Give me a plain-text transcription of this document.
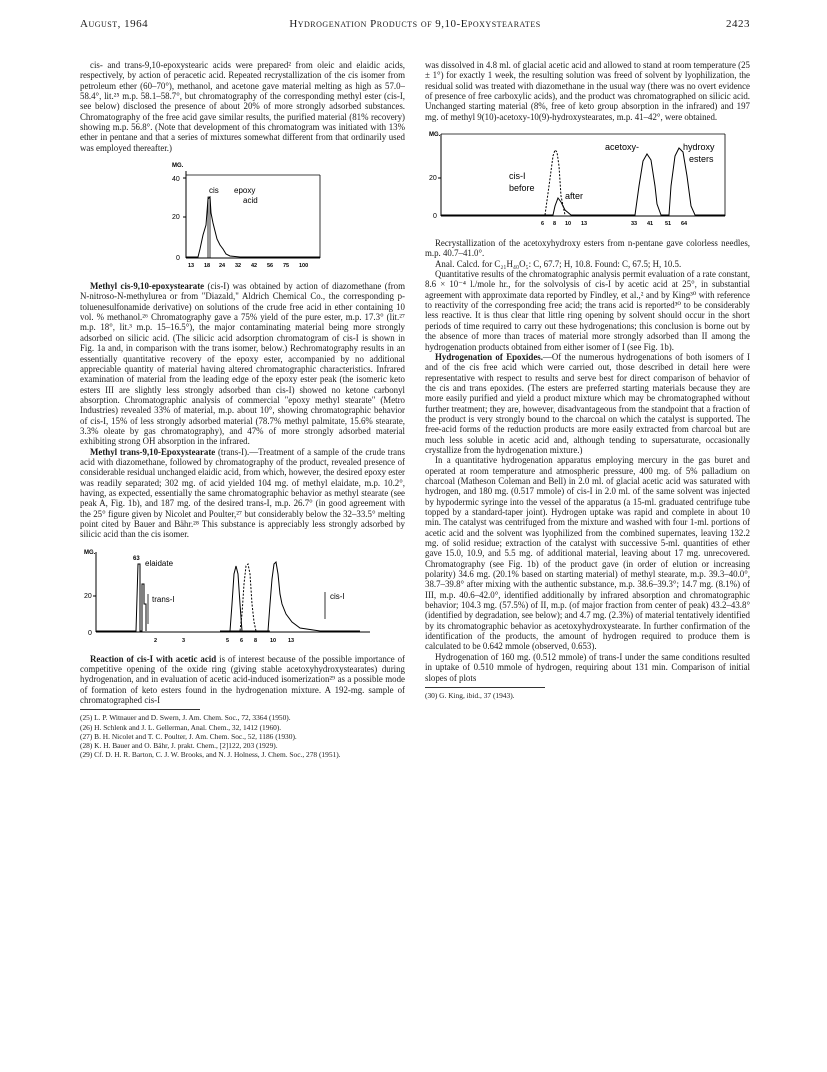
August, 1964	Hydrogenation Products of 9,10-Epoxystearates	2423

cis- and trans-9,10-epoxystearic acids were prepared² from oleic and elaidic acids, respectively, by action of peracetic acid. Repeated recrystallization of the cis isomer from petroleum ether (60–70°), methanol, and acetone gave material melting as high as 57.0–58.4°, lit.²⁵ m.p. 58.1–58.7°, but chromatography of the corresponding methyl ester (cis-I, see below) disclosed the presence of about 20% of more strongly adsorbed substances. Chromatography of the free acid gave similar results, the purified material (81% recovery) showing m.p. 56.8°. (Note that development of this chromatogram was initiated with 13% ether in pentane and that a series of mixtures somewhat different from that ordinarily used was employed thereafter.)

MG.
40
20
0
cis epoxy
acid
13 18 24 32 42 56 75 100

Methyl cis-9,10-epoxystearate (cis-I) was obtained by action of diazomethane (from N-nitroso-N-methylurea or from "Diazald," Aldrich Chemical Co., the corresponding p-toluenesulfonamide derivative) on solutions of the crude free acid in ether containing 10 vol. % methanol.²⁶ Chromatography gave a 75% yield of the pure ester, m.p. 17.3° (lit.²⁷ m.p. 18°, lit.³ m.p. 15–16.5°), the major contaminating material being more strongly adsorbed on silicic acid. (The silicic acid adsorption chromatogram of cis-I is shown in Fig. 1a and, in comparison with the trans isomer, below.) Rechromatography results in an essentially quantitative recovery of the epoxy ester, accompanied by no additional appreciable quantity of material having altered chromatographic characteristics. Infrared examination of material from the leading edge of the epoxy ester peak (the isomeric keto esters III are slightly less strongly adsorbed than cis-I) showed no ketone carbonyl absorption. Chromatographic analysis of commercial "epoxy methyl stearate" (Metro Industries) revealed 33% of material, m.p. about 10°, showing chromatographic behavior of cis-I, 15% of less strongly adsorbed material (78.7% methyl palmitate, 15.6% stearate, 3.3% oleate by gas chromatography), and 47% of more strongly adsorbed material exhibiting strong OH absorption in the infrared.

Methyl trans-9,10-Epoxystearate (trans-I).—Treatment of a sample of the crude trans acid with diazomethane, followed by chromatography of the product, revealed presence of considerable residual unchanged elaidic acid, from which, however, the desired epoxy ester was readily separated; 302 mg. of acid yielded 104 mg. of methyl elaidate, m.p. 10.2°, having, as expected, essentially the same chromatographic behavior as methyl stearate (see peak A, Fig. 1b), and 187 mg. of the desired trans-I, m.p. 26.7° (in good agreement with the 25° figure given by Nicolet and Poulter,²⁷ but considerably below the 32–33.5° melting point cited by Bauer and Bähr.²⁸ This substance is appreciably less strongly adsorbed by silicic acid than the cis isomer.

MG.
20
0
63 elaidate
trans-I	cis-I
2	3	5 6 8 10 13

Reaction of cis-I with acetic acid is of interest because of the possible importance of competitive opening of the oxide ring (giving stable acetoxyhydroxystearates) during hydrogenation, and in evaluation of acetic acid-induced isomerization²⁹ as a possible mode of formation of keto esters found in the hydrogenation mixture. A 192-mg. sample of chromatographed cis-I

(25) L. P. Witnauer and D. Swern, J. Am. Chem. Soc., 72, 3364 (1950).

(26) H. Schlenk and J. L. Gellerman, Anal. Chem., 32, 1412 (1960).

(27) B. H. Nicolet and T. C. Poulter, J. Am. Chem. Soc., 52, 1186 (1930).

(28) K. H. Bauer and O. Bähr, J. prakt. Chem., [2]122, 203 (1929).

(29) Cf. D. H. R. Barton, C. J. W. Brooks, and N. J. Holness, J. Chem. Soc., 278 (1951).

was dissolved in 4.8 ml. of glacial acetic acid and allowed to stand at room temperature (25 ± 1°) for exactly 1 week, the resulting solution was freed of solvent by lyophilization, the residual solid was treated with diazomethane in the usual way (there was no overt evidence of presence of free carboxylic acids), and the product was chromatographed on silicic acid. Unchanged starting material (8%, free of keto group absorption in the infrared) and 197 mg. of methyl 9(10)-acetoxy-10(9)-hydroxystearates, m.p. 41–42°, were obtained.

MG.
20
0
acetoxy-	hydroxy
esters
cis-I
before
after
6 8 10 13	33 41 51 64

Recrystallization of the acetoxyhydroxy esters from n-pentane gave colorless needles, m.p. 40.7–41.0°.

Anal. Calcd. for C₂₁H₄₀O₅: C, 67.7; H, 10.8. Found: C, 67.5; H, 10.5.

Quantitative results of the chromatographic analysis permit evaluation of a rate constant, 8.6 × 10⁻⁴ l./mole hr., for the solvolysis of cis-I by acetic acid at 25°, in substantial agreement with approximate data reported by Findley, et al.,² and by King³⁰ with reference to reactivity of the corresponding free acid; the trans acid is reported³⁰ to be considerably less reactive. It is thus clear that little ring opening by solvent should occur in the short periods of time required to carry out these hydrogenations; this conclusion is borne out by the absence of more than traces of material more strongly adsorbed than II among the hydrogenation products obtained from either isomer of I (see Fig. 1b).

Hydrogenation of Epoxides.—Of the numerous hydrogenations of both isomers of I and of the cis free acid which were carried out, those described in detail here were representative with respect to results and serve best for direct comparison of behavior of the cis and trans epoxides. (The esters are preferred starting materials because they are more easily purified and yield a product mixture which may be chromatographed without further treatment; they are, however, disadvantageous from the standpoint that a fraction of the product is very strongly bound to the charcoal on which the catalyst is supported. The free-acid forms of the reduction products are more easily extracted from charcoal but are much less soluble in acetic acid and, although tending to supersaturate, occasionally crystallize from the hydrogenation mixture.)

In a quantitative hydrogenation apparatus employing mercury in the gas buret and operated at room temperature and atmospheric pressure, 400 mg. of 5% palladium on charcoal (Matheson Coleman and Bell) in 2.0 ml. of glacial acetic acid was saturated with hydrogen, and 180 mg. (0.517 mmole) of cis-I in 2.0 ml. of the same solvent was injected by hypodermic syringe into the vessel of the apparatus (a 15-ml. graduated centrifuge tube topped by a standard-taper joint). Hydrogen uptake was rapid and complete in about 10 min. The catalyst was centrifuged from the mixture and washed with four 1-ml. portions of acetic acid and the solvent was lyophilized from the combined supernates, leaving 132.2 mg. of solid residue; extraction of the catalyst with successive 5-ml. quantities of ether gave 15.0, 10.9, and 5.5 mg. of additional material, leaving about 17 mg. unrecovered. Chromatography (see Fig. 1b) of the product gave (in order of elution or increasing polarity) 34.6 mg. (20.1% based on starting material) of methyl stearate, m.p. 39.3–40.0°, 38.7–39.8° after mixing with the authentic substance, m.p. 38.6–39.3°; 14.7 mg. (8.1%) of III, m.p. 40.6–42.0°, identified additionally by infrared absorption and chromatographic behavior; 104.3 mg. (57.5%) of II, m.p. (of major fraction from center of peak) 43.2–43.8° (identified by degradation, see below); and 4.7 mg. (2.3%) of material tentatively identified by its chromatographic behavior as acetoxyhydroxystearate. In further confirmation of the identification of the products, the amount of hydrogen required to produce them is calculated to be 0.642 mmole (observed, 0.653).

Hydrogenation of 160 mg. (0.512 mmole) of trans-I under the same conditions resulted in uptake of 0.510 mmole of hydrogen, requiring about 131 min. Comparison of initial slopes of plots

(30) G. King, ibid., 37 (1943).
